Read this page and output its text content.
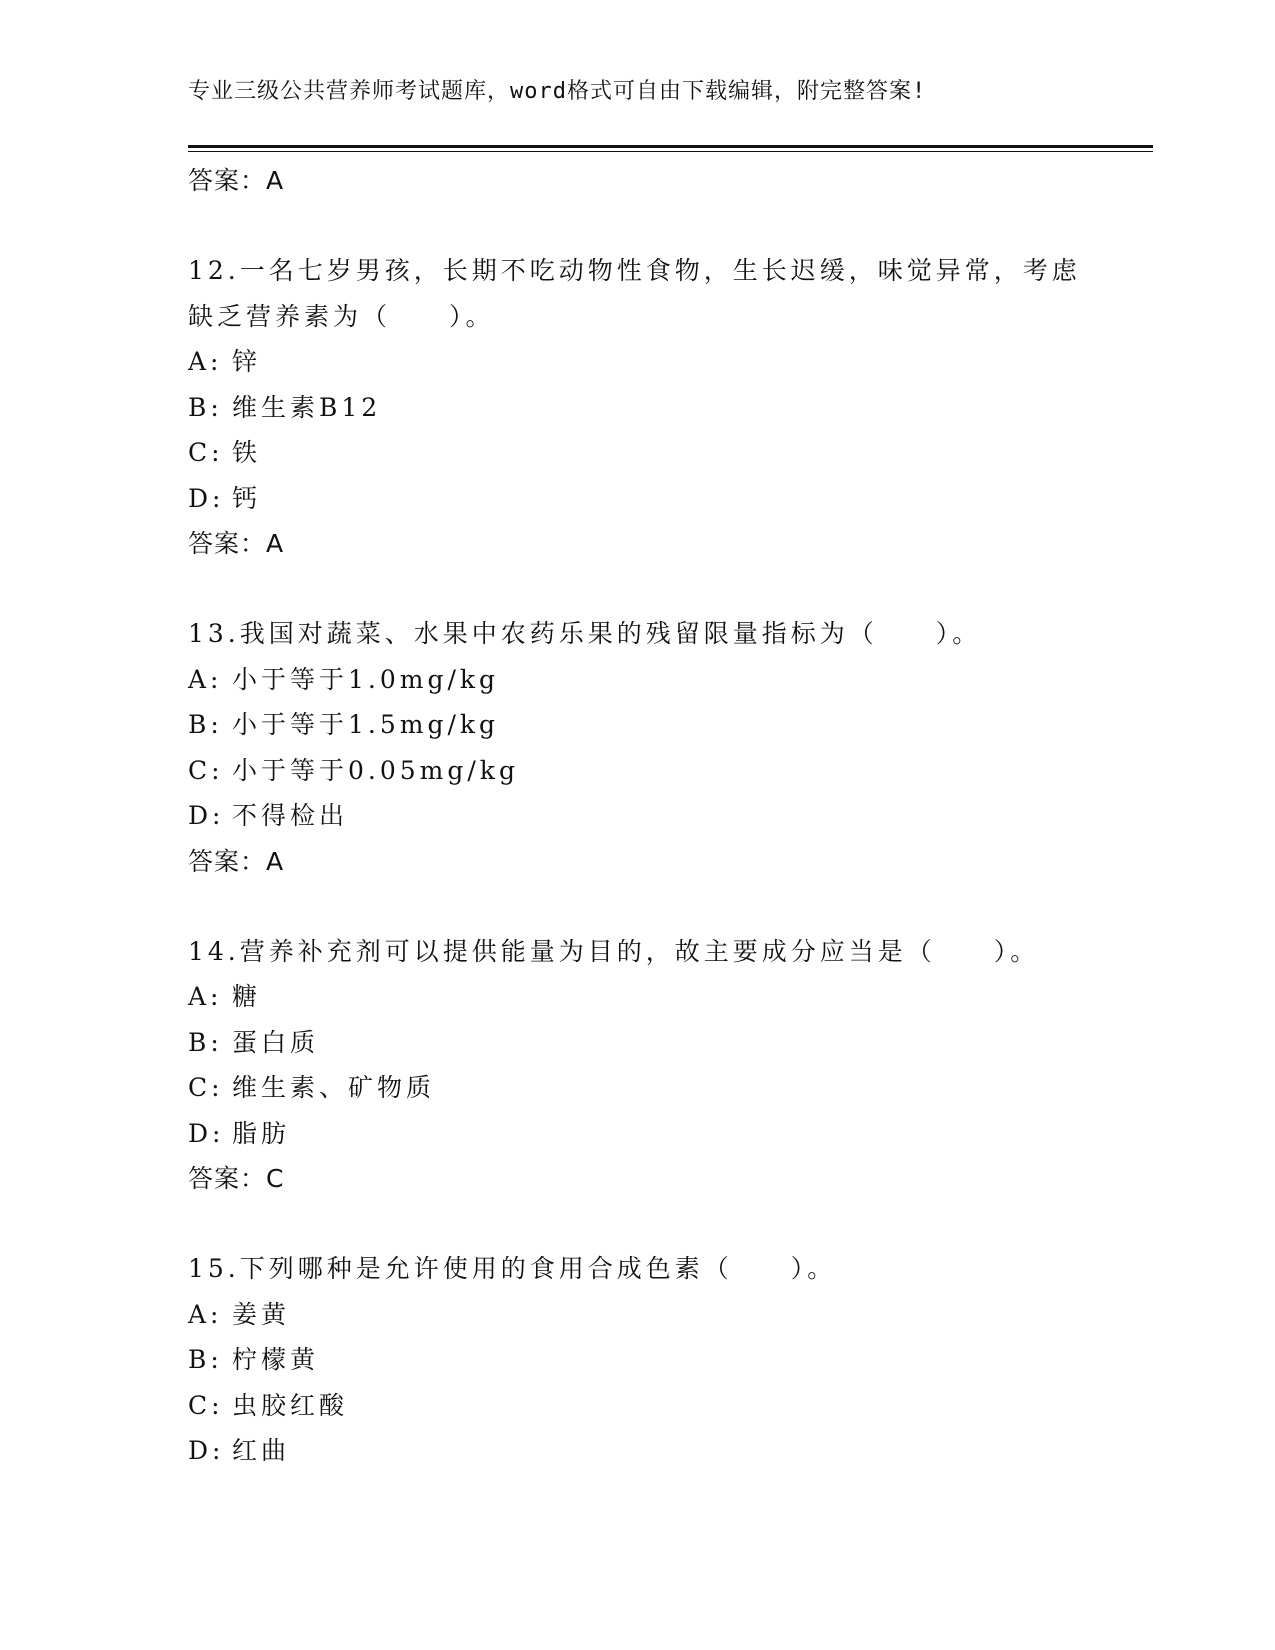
专业三级公共营养师考试题库，word格式可自由下载编辑，附完整答案!
答案：A
12.一名七岁男孩，长期不吃动物性食物，生长迟缓，味觉异常，考虑
缺乏营养素为（　　）。
A: 锌
B: 维生素B12
C: 铁
D: 钙
答案：A
13.我国对蔬菜、水果中农药乐果的残留限量指标为（　　）。
A: 小于等于1.0mg/kg
B: 小于等于1.5mg/kg
C: 小于等于0.05mg/kg
D: 不得检出
答案：A
14.营养补充剂可以提供能量为目的，故主要成分应当是（　　）。
A: 糖
B: 蛋白质
C: 维生素、矿物质
D: 脂肪
答案：C
15.下列哪种是允许使用的食用合成色素（　　）。
A: 姜黄
B: 柠檬黄
C: 虫胶红酸
D: 红曲
